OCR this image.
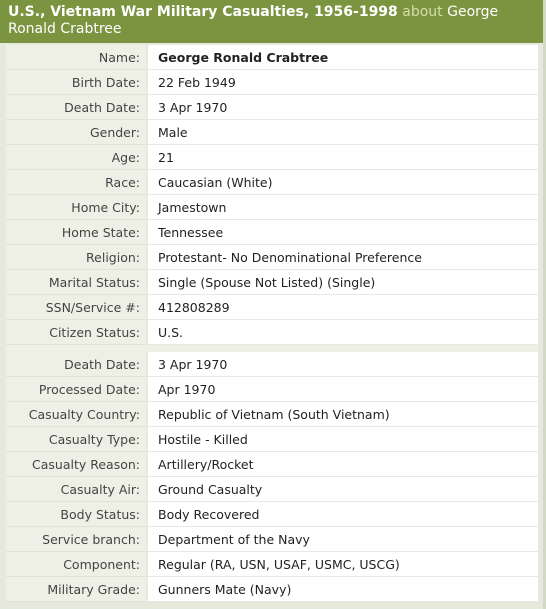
U.S., Vietnam War Military Casualties, 1956-1998 about George Ronald Crabtree
Name:	George Ronald Crabtree
Birth Date:	22 Feb 1949
Death Date:	3 Apr 1970
Gender:	Male
Age:	21
Race:	Caucasian (White)
Home City:	Jamestown
Home State:	Tennessee
Religion:	Protestant- No Denominational Preference
Marital Status:	Single (Spouse Not Listed) (Single)
SSN/Service #:	412808289
Citizen Status:	U.S.
Death Date:	3 Apr 1970
Processed Date:	Apr 1970
Casualty Country:	Republic of Vietnam (South Vietnam)
Casualty Type:	Hostile - Killed
Casualty Reason:	Artillery/Rocket
Casualty Air:	Ground Casualty
Body Status:	Body Recovered
Service branch:	Department of the Navy
Component:	Regular (RA, USN, USAF, USMC, USCG)
Military Grade:	Gunners Mate (Navy)
